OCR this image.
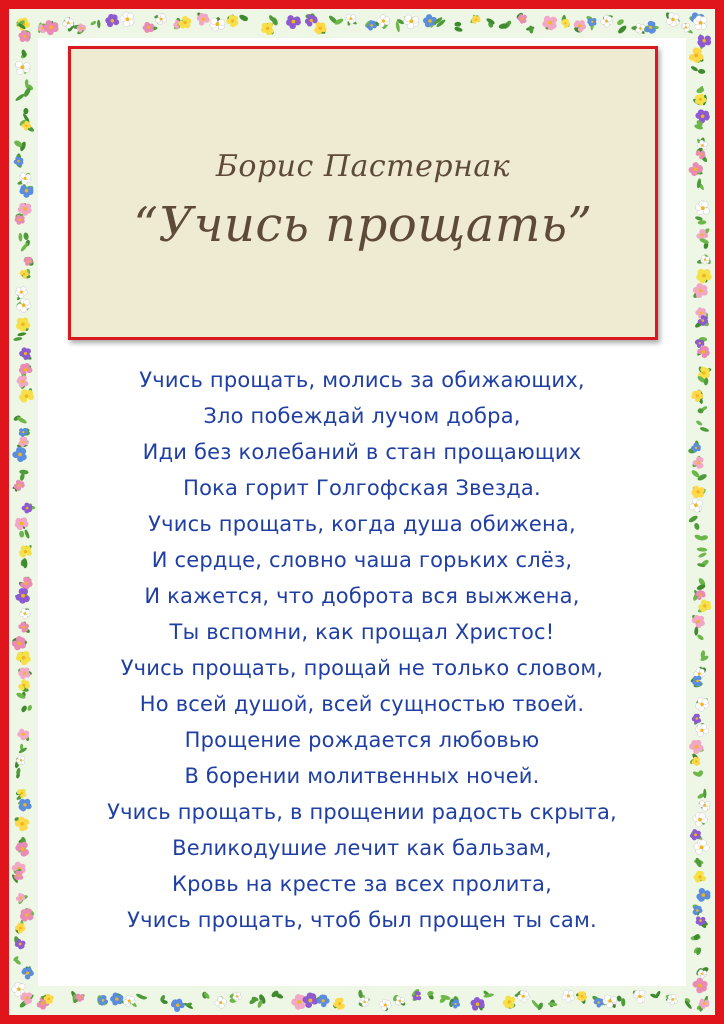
Борис Пастернак
“Учись прощать”
Учись прощать, молись за обижающих,
Зло побеждай лучом добра,
Иди без колебаний в стан прощающих
Пока горит Голгофская Звезда.
Учись прощать, когда душа обижена,
И сердце, словно чаша горьких слёз,
И кажется, что доброта вся выжжена,
Ты вспомни, как прощал Христос!
Учись прощать, прощай не только словом,
Но всей душой, всей сущностью твоей.
Прощение рождается любовью
В борении молитвенных ночей.
Учись прощать, в прощении радость скрыта,
Великодушие лечит как бальзам,
Кровь на кресте за всех пролита,
Учись прощать, чтоб был прощен ты сам.
